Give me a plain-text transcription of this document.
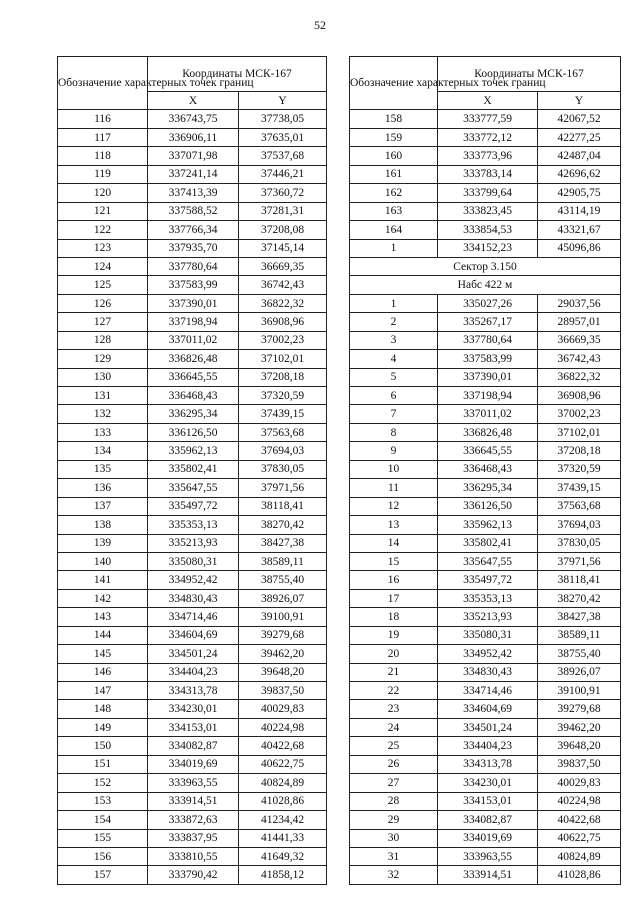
52
Обозначение характерных точек границ	Координаты МСК-167	
	X	Y
116	336743,75	37738,05
117	336906,11	37635,01
118	337071,98	37537,68
119	337241,14	37446,21
120	337413,39	37360,72
121	337588,52	37281,31
122	337766,34	37208,08
123	337935,70	37145,14
124	337780,64	36669,35
125	337583,99	36742,43
126	337390,01	36822,32
127	337198,94	36908,96
128	337011,02	37002,23
129	336826,48	37102,01
130	336645,55	37208,18
131	336468,43	37320,59
132	336295,34	37439,15
133	336126,50	37563,68
134	335962,13	37694,03
135	335802,41	37830,05
136	335647,55	37971,56
137	335497,72	38118,41
138	335353,13	38270,42
139	335213,93	38427,38
140	335080,31	38589,11
141	334952,42	38755,40
142	334830,43	38926,07
143	334714,46	39100,91
144	334604,69	39279,68
145	334501,24	39462,20
146	334404,23	39648,20
147	334313,78	39837,50
148	334230,01	40029,83
149	334153,01	40224,98
150	334082,87	40422,68
151	334019,69	40622,75
152	333963,55	40824,89
153	333914,51	41028,86
154	333872,63	41234,42
155	333837,95	41441,33
156	333810,55	41649,32
157	333790,42	41858,12
Обозначение характерных точек границ	Координаты МСК-167	
	X	Y
158	333777,59	42067,52
159	333772,12	42277,25
160	333773,96	42487,04
161	333783,14	42696,62
162	333799,64	42905,75
163	333823,45	43114,19
164	333854,53	43321,67
1	334152,23	45096,86
Сектор 3.150		
Набс 422 м		
1	335027,26	29037,56
2	335267,17	28957,01
3	337780,64	36669,35
4	337583,99	36742,43
5	337390,01	36822,32
6	337198,94	36908,96
7	337011,02	37002,23
8	336826,48	37102,01
9	336645,55	37208,18
10	336468,43	37320,59
11	336295,34	37439,15
12	336126,50	37563,68
13	335962,13	37694,03
14	335802,41	37830,05
15	335647,55	37971,56
16	335497,72	38118,41
17	335353,13	38270,42
18	335213,93	38427,38
19	335080,31	38589,11
20	334952,42	38755,40
21	334830,43	38926,07
22	334714,46	39100,91
23	334604,69	39279,68
24	334501,24	39462,20
25	334404,23	39648,20
26	334313,78	39837,50
27	334230,01	40029,83
28	334153,01	40224,98
29	334082,87	40422,68
30	334019,69	40622,75
31	333963,55	40824,89
32	333914,51	41028,86
